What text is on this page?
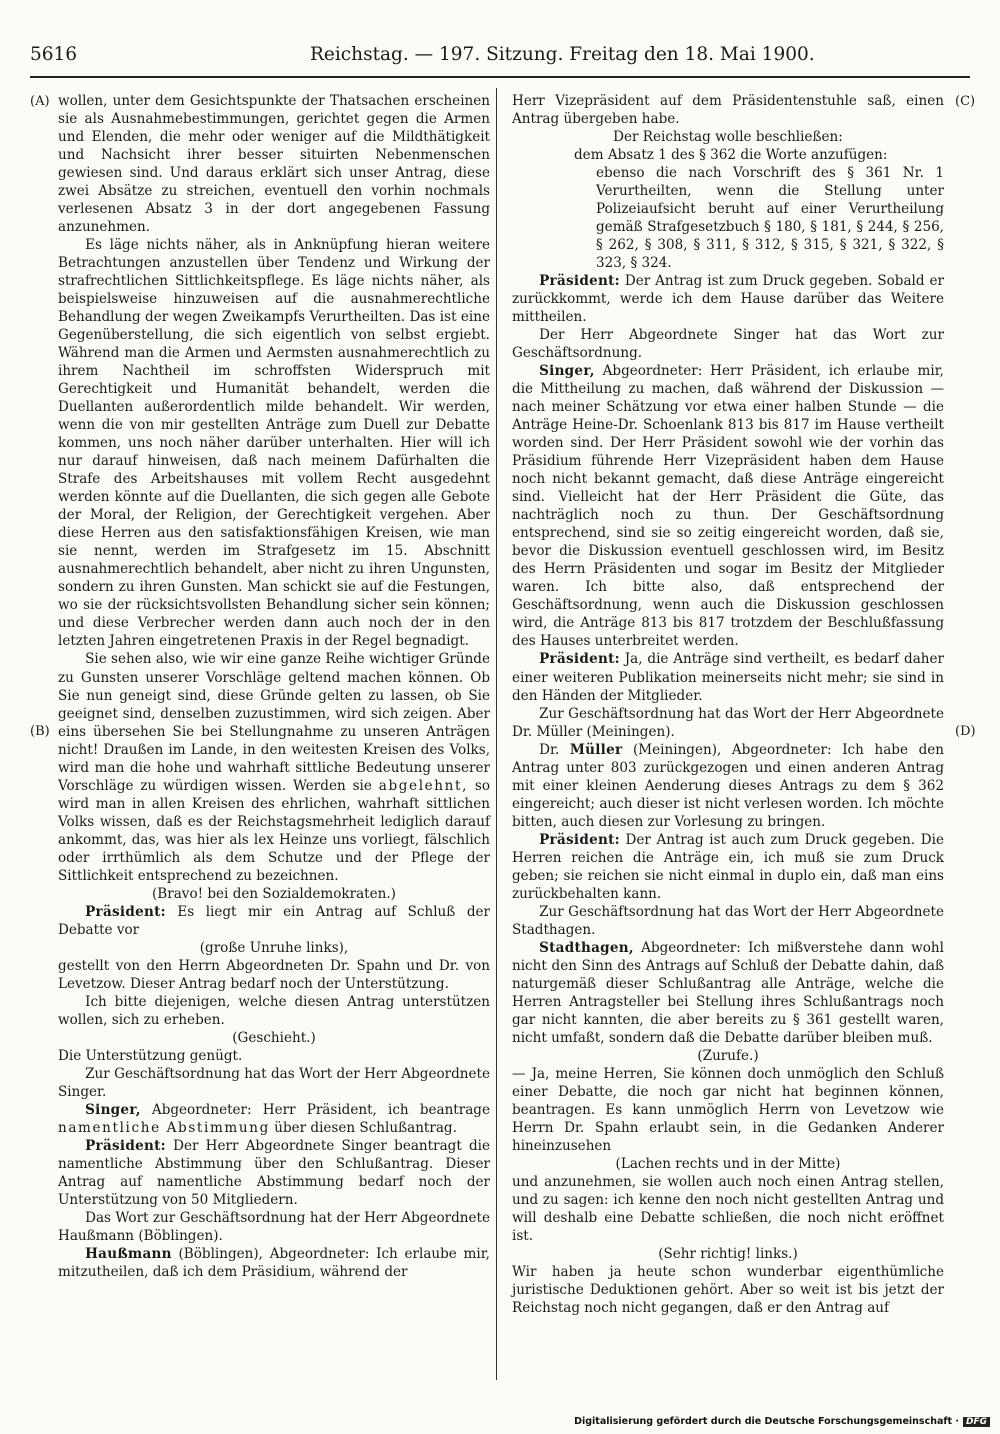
5616	Reichstag. — 197. Sitzung. Freitag den 18. Mai 1900.
(A)
(B)
(C)
(D)

wollen, unter dem Gesichtspunkte der Thatsachen erscheinen sie als Ausnahmebestimmungen, gerichtet gegen die Armen und Elenden, die mehr oder weniger auf die Mildthätigkeit und Nachsicht ihrer besser situirten Nebenmenschen gewiesen sind. Und daraus erklärt sich unser Antrag, diese zwei Absätze zu streichen, eventuell den vorhin nochmals verlesenen Absatz 3 in der dort angegebenen Fassung anzunehmen.

Es läge nichts näher, als in Anknüpfung hieran weitere Betrachtungen anzustellen über Tendenz und Wirkung der strafrechtlichen Sittlichkeitspflege. Es läge nichts näher, als beispielsweise hinzuweisen auf die ausnahmerechtliche Behandlung der wegen Zweikampfs Verurtheilten. Das ist eine Gegenüberstellung, die sich eigentlich von selbst ergiebt. Während man die Armen und Aermsten ausnahmerechtlich zu ihrem Nachtheil im schroffsten Widerspruch mit Gerechtigkeit und Humanität behandelt, werden die Duellanten außerordentlich milde behandelt. Wir werden, wenn die von mir gestellten Anträge zum Duell zur Debatte kommen, uns noch näher darüber unterhalten. Hier will ich nur darauf hinweisen, daß nach meinem Dafürhalten die Strafe des Arbeitshauses mit vollem Recht ausgedehnt werden könnte auf die Duellanten, die sich gegen alle Gebote der Moral, der Religion, der Gerechtigkeit vergehen. Aber diese Herren aus den satisfaktionsfähigen Kreisen, wie man sie nennt, werden im Strafgesetz im 15. Abschnitt ausnahmerechtlich behandelt, aber nicht zu ihren Ungunsten, sondern zu ihren Gunsten. Man schickt sie auf die Festungen, wo sie der rücksichtsvollsten Behandlung sicher sein können; und diese Verbrecher werden dann auch noch der in den letzten Jahren eingetretenen Praxis in der Regel begnadigt.

Sie sehen also, wie wir eine ganze Reihe wichtiger Gründe zu Gunsten unserer Vorschläge geltend machen können. Ob Sie nun geneigt sind, diese Gründe gelten zu lassen, ob Sie geeignet sind, denselben zuzustimmen, wird sich zeigen. Aber eins übersehen Sie bei Stellungnahme zu unseren Anträgen nicht! Draußen im Lande, in den weitesten Kreisen des Volks, wird man die hohe und wahrhaft sittliche Bedeutung unserer Vorschläge zu würdigen wissen. Werden sie abgelehnt, so wird man in allen Kreisen des ehrlichen, wahrhaft sittlichen Volks wissen, daß es der Reichstagsmehrheit lediglich darauf ankommt, das, was hier als lex Heinze uns vorliegt, fälschlich oder irrthümlich als dem Schutze und der Pflege der Sittlichkeit entsprechend zu bezeichnen.

(Bravo! bei den Sozialdemokraten.)

Präsident: Es liegt mir ein Antrag auf Schluß der Debatte vor

(große Unruhe links),

gestellt von den Herrn Abgeordneten Dr. Spahn und Dr. von Levetzow. Dieser Antrag bedarf noch der Unterstützung.

Ich bitte diejenigen, welche diesen Antrag unterstützen wollen, sich zu erheben.

(Geschieht.)

Die Unterstützung genügt.

Zur Geschäftsordnung hat das Wort der Herr Abgeordnete Singer.

Singer, Abgeordneter: Herr Präsident, ich beantrage namentliche Abstimmung über diesen Schlußantrag.

Präsident: Der Herr Abgeordnete Singer beantragt die namentliche Abstimmung über den Schlußantrag. Dieser Antrag auf namentliche Abstimmung bedarf noch der Unterstützung von 50 Mitgliedern.

Das Wort zur Geschäftsordnung hat der Herr Abgeordnete Haußmann (Böblingen).

Haußmann (Böblingen), Abgeordneter: Ich erlaube mir, mitzutheilen, daß ich dem Präsidium, während der

Herr Vizepräsident auf dem Präsidentenstuhle saß, einen Antrag übergeben habe.

Der Reichstag wolle beschließen:

dem Absatz 1 des § 362 die Worte anzufügen:

ebenso die nach Vorschrift des § 361 Nr. 1 Verurtheilten, wenn die Stellung unter Polizeiaufsicht beruht auf einer Verurtheilung gemäß Strafgesetzbuch § 180, § 181, § 244, § 256, § 262, § 308, § 311, § 312, § 315, § 321, § 322, § 323, § 324.

Präsident: Der Antrag ist zum Druck gegeben. Sobald er zurückkommt, werde ich dem Hause darüber das Weitere mittheilen.

Der Herr Abgeordnete Singer hat das Wort zur Geschäftsordnung.

Singer, Abgeordneter: Herr Präsident, ich erlaube mir, die Mittheilung zu machen, daß während der Diskussion — nach meiner Schätzung vor etwa einer halben Stunde — die Anträge Heine-Dr. Schoenlank 813 bis 817 im Hause vertheilt worden sind. Der Herr Präsident sowohl wie der vorhin das Präsidium führende Herr Vizepräsident haben dem Hause noch nicht bekannt gemacht, daß diese Anträge eingereicht sind. Vielleicht hat der Herr Präsident die Güte, das nachträglich noch zu thun. Der Geschäftsordnung entsprechend, sind sie so zeitig eingereicht worden, daß sie, bevor die Diskussion eventuell geschlossen wird, im Besitz des Herrn Präsidenten und sogar im Besitz der Mitglieder waren. Ich bitte also, daß entsprechend der Geschäftsordnung, wenn auch die Diskussion geschlossen wird, die Anträge 813 bis 817 trotzdem der Beschlußfassung des Hauses unterbreitet werden.

Präsident: Ja, die Anträge sind vertheilt, es bedarf daher einer weiteren Publikation meinerseits nicht mehr; sie sind in den Händen der Mitglieder.

Zur Geschäftsordnung hat das Wort der Herr Abgeordnete Dr. Müller (Meiningen).

Dr. Müller (Meiningen), Abgeordneter: Ich habe den Antrag unter 803 zurückgezogen und einen anderen Antrag mit einer kleinen Aenderung dieses Antrags zu dem § 362 eingereicht; auch dieser ist nicht verlesen worden. Ich möchte bitten, auch diesen zur Vorlesung zu bringen.

Präsident: Der Antrag ist auch zum Druck gegeben. Die Herren reichen die Anträge ein, ich muß sie zum Druck geben; sie reichen sie nicht einmal in duplo ein, daß man eins zurückbehalten kann.

Zur Geschäftsordnung hat das Wort der Herr Abgeordnete Stadthagen.

Stadthagen, Abgeordneter: Ich mißverstehe dann wohl nicht den Sinn des Antrags auf Schluß der Debatte dahin, daß naturgemäß dieser Schlußantrag alle Anträge, welche die Herren Antragsteller bei Stellung ihres Schlußantrags noch gar nicht kannten, die aber bereits zu § 361 gestellt waren, nicht umfaßt, sondern daß die Debatte darüber bleiben muß.

(Zurufe.)

— Ja, meine Herren, Sie können doch unmöglich den Schluß einer Debatte, die noch gar nicht hat beginnen können, beantragen. Es kann unmöglich Herrn von Levetzow wie Herrn Dr. Spahn erlaubt sein, in die Gedanken Anderer hineinzusehen

(Lachen rechts und in der Mitte)

und anzunehmen, sie wollen auch noch einen Antrag stellen, und zu sagen: ich kenne den noch nicht gestellten Antrag und will deshalb eine Debatte schließen, die noch nicht eröffnet ist.

(Sehr richtig! links.)

Wir haben ja heute schon wunderbar eigenthümliche juristische Deduktionen gehört. Aber so weit ist bis jetzt der Reichstag noch nicht gegangen, daß er den Antrag auf

Digitalisierung gefördert durch die Deutsche Forschungsgemeinschaft · DFG
